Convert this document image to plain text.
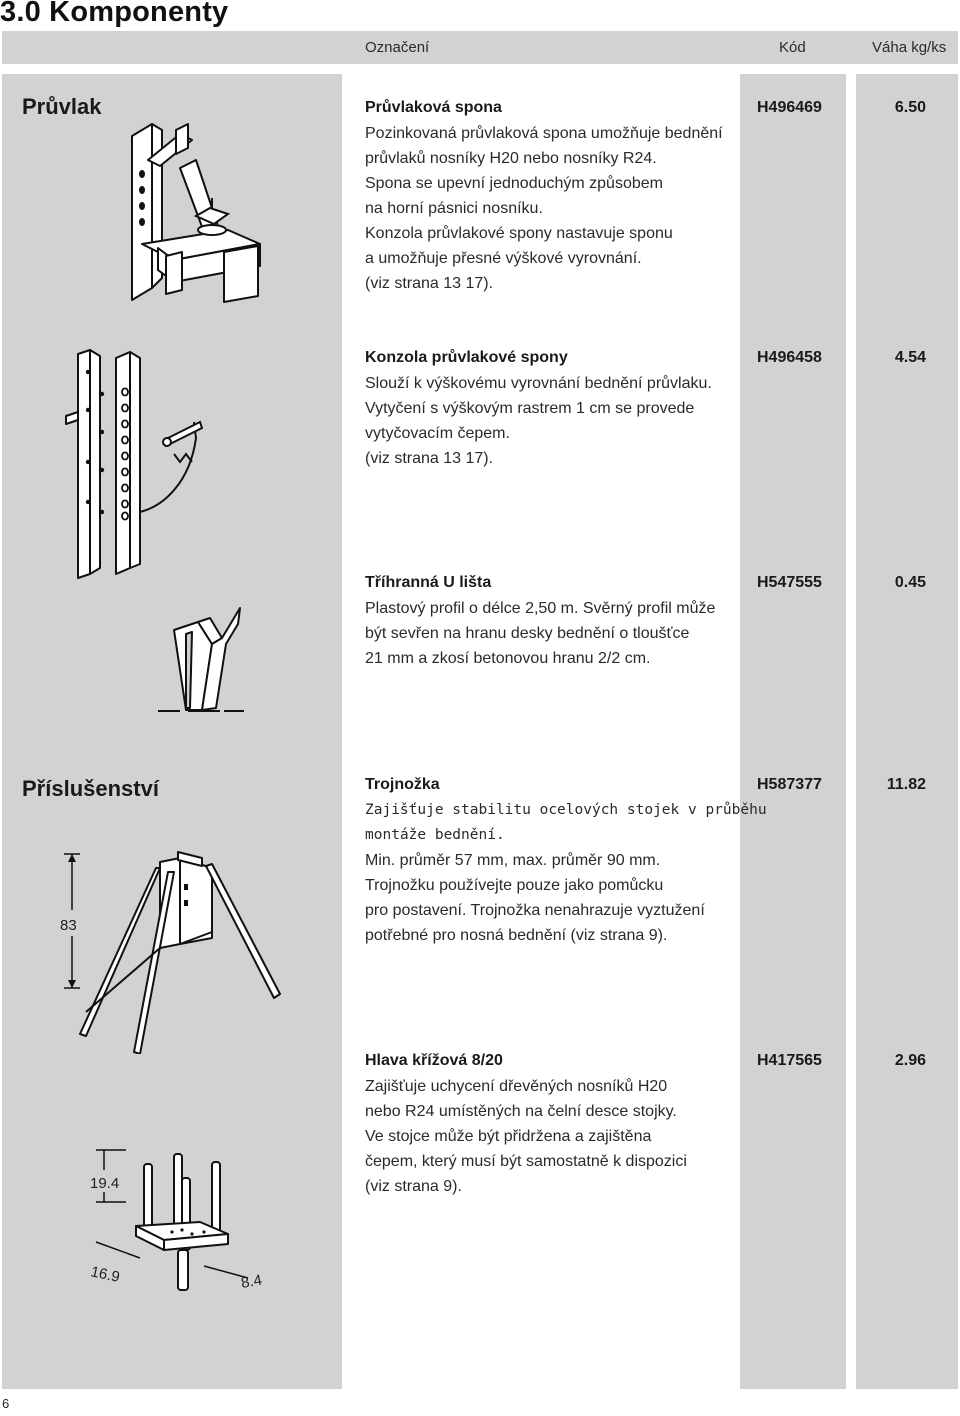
3.0 Komponenty
Označení	Kód	Váha kg/ks
Průvlak
Příslušenství
Průvlaková spona	H496469	6.50
Pozinkovaná průvlaková spona umožňuje bednění
průvlaků nosníky H20 nebo nosníky R24.
Spona se upevní jednoduchým způsobem
na horní pásnici nosníku.
Konzola průvlakové spony nastavuje sponu
a umožňuje přesné výškové vyrovnání.
(viz strana 13 17).
Konzola průvlakové spony	H496458	4.54
Slouží k výškovému vyrovnání bednění průvlaku.
Vytyčení s výškovým rastrem 1 cm se provede
vytyčovacím čepem.
(viz strana 13 17).
Tříhranná U lišta	H547555	0.45
Plastový profil o délce 2,50 m. Svěrný profil může
být sevřen na hranu desky bednění o tloušťce
21 mm a zkosí betonovou hranu 2/2 cm.
Trojnožka	H587377	11.82
Zajišťuje stabilitu ocelových stojek v průběhu
montáže bednění.
Min. průměr 57 mm, max. průměr 90 mm.
Trojnožku používejte pouze jako pomůcku
pro postavení. Trojnožka nenahrazuje vyztužení
potřebné pro nosná bednění (viz strana 9).
Hlava křížová 8/20	H417565	2.96
Zajišťuje uchycení dřevěných nosníků H20
nebo R24 umístěných na čelní desce stojky.
Ve stojce může být přidržena a zajištěna
čepem, který musí být samostatně k dispozici
(viz strana 9).
83
19.4
16.9	8.4
6
